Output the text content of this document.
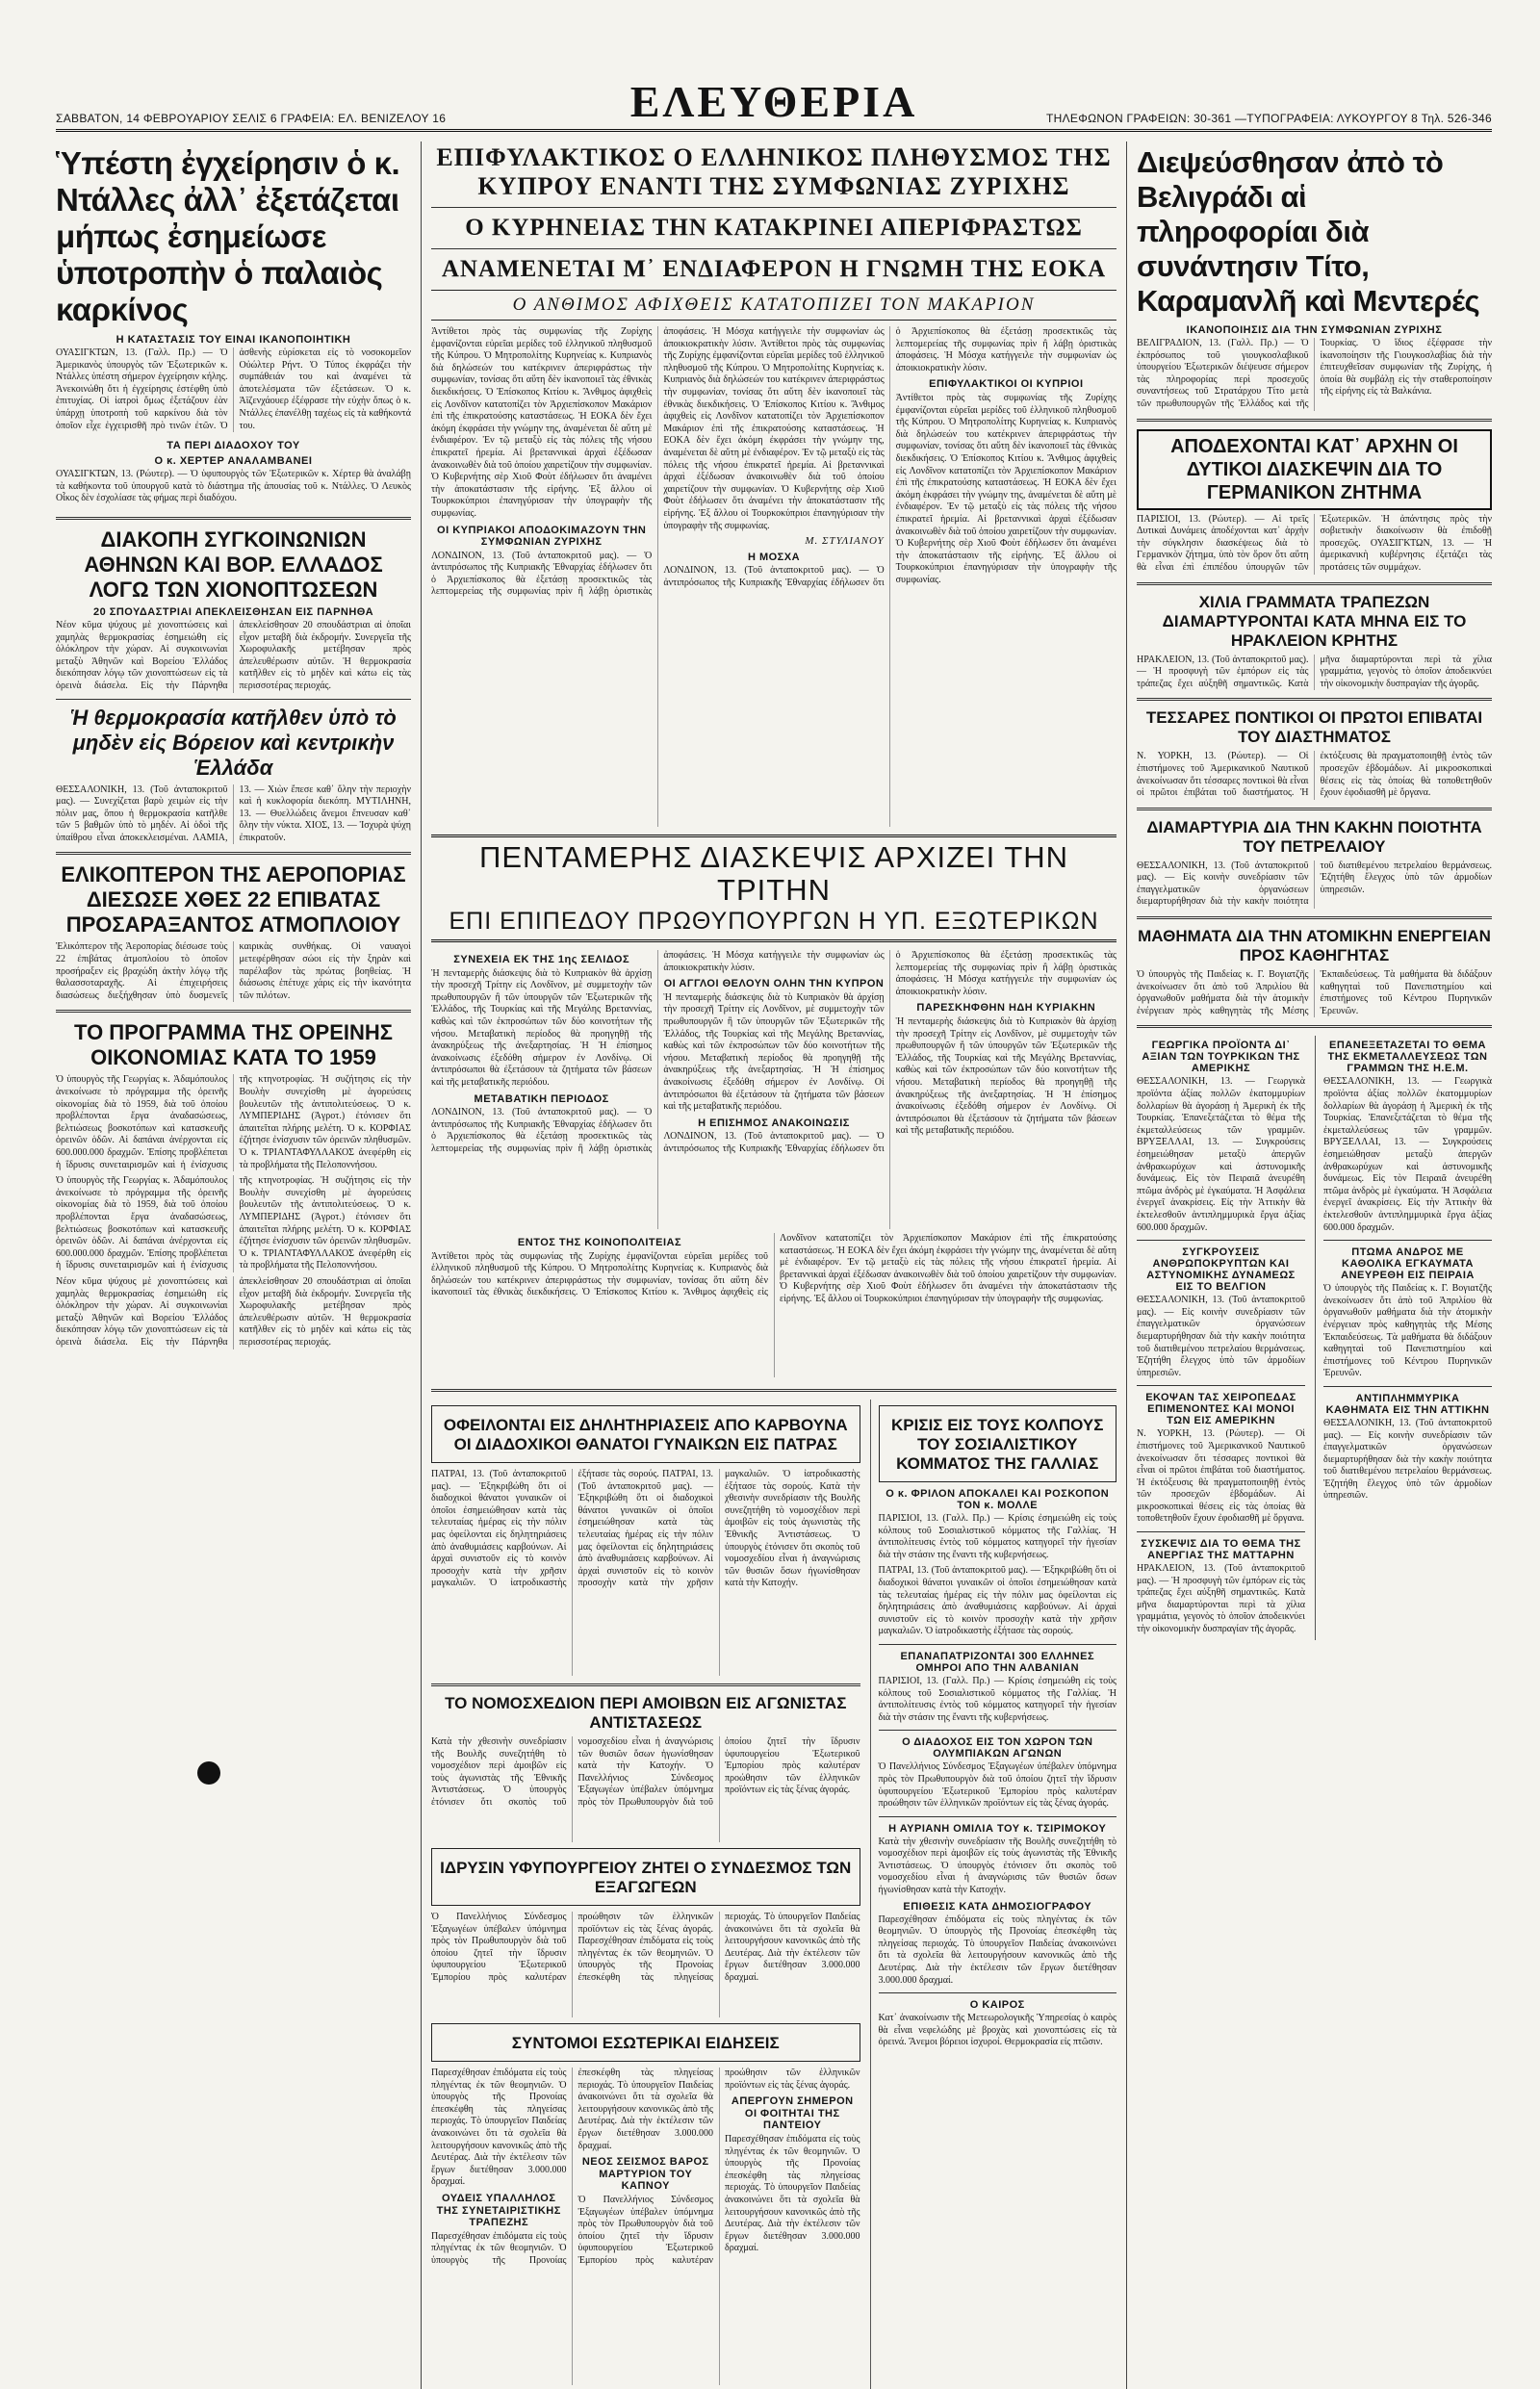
ΣΑΒΒΑΤΟΝ, 14 ΦΕΒΡΟΥΑΡΙΟΥ ΣΕΛΙΣ 6 ΓΡΑΦΕΙΑ: ΕΛ. ΒΕΝΙΖΕΛΟΥ 16	ΕΛΕΥΘΕΡΙΑ	ΤΗΛΕΦΩΝΟΝ ΓΡΑΦΕΙΩΝ: 30-361 —ΤΥΠΟΓΡΑΦΕΙΑ: ΛΥΚΟΥΡΓΟΥ 8 Τηλ. 526-346
Ὑπέστη ἐγχείρησιν ὁ κ. Ντάλλες ἀλλ᾿ ἐξετάζεται μήπως ἐσημείωσε ὑποτροπὴν ὁ παλαιὸς καρκίνος
Η ΚΑΤΑΣΤΑΣΙΣ ΤΟΥ ΕΙΝΑΙ ΙΚΑΝΟΠΟΙΗΤΙΚΗ
ΟΥΑΣΙΓΚΤΩΝ, 13. (Γαλλ. Πρ.) — Ὁ Ἀμερικανὸς ὑπουργὸς τῶν Ἐξωτερικῶν κ. Ντάλλες ὑπέστη σήμερον ἐγχείρησιν κήλης. Ἀνεκοινώθη ὅτι ἡ ἐγχείρησις ἐστέφθη ὑπὸ ἐπιτυχίας. Οἱ ἰατροὶ ὅμως ἐξετάζουν ἐὰν ὑπάρχῃ ὑποτροπὴ τοῦ καρκίνου διὰ τὸν ὁποῖον εἶχε ἐγχειρισθῆ πρὸ τινῶν ἐτῶν. Ὁ ἀσθενὴς εὑρίσκεται εἰς τὸ νοσοκομεῖον Οὐώλτερ Ρήντ. Ὁ Τύπος ἐκφράζει τὴν συμπάθειάν του καὶ ἀναμένει τὰ ἀποτελέσματα τῶν ἐξετάσεων. Ὁ κ. Ἀϊζενχάουερ ἐξέφρασε τὴν εὐχὴν ὅπως ὁ κ. Ντάλλες ἐπανέλθῃ ταχέως εἰς τὰ καθήκοντά του.
ΤΑ ΠΕΡΙ ΔΙΑΔΟΧΟΥ ΤΟΥ
Ο κ. ΧΕΡΤΕΡ ΑΝΑΛΑΜΒΑΝΕΙ
ΟΥΑΣΙΓΚΤΩΝ, 13. (Ρώυτερ). — Ὁ ὑφυπουργὸς τῶν Ἐξωτερικῶν κ. Χέρτερ θὰ ἀναλάβῃ τὰ καθήκοντα τοῦ ὑπουργοῦ κατὰ τὸ διάστημα τῆς ἀπουσίας τοῦ κ. Ντάλλες. Ὁ Λευκὸς Οἶκος δὲν ἐσχολίασε τὰς φήμας περὶ διαδόχου.
ΔΙΑΚΟΠΗ ΣΥΓΚΟΙΝΩΝΙΩΝ ΑΘΗΝΩΝ ΚΑΙ ΒΟΡ. ΕΛΛΑΔΟΣ ΛΟΓΩ ΤΩΝ ΧΙΟΝΟΠΤΩΣΕΩΝ
20 ΣΠΟΥΔΑΣΤΡΙΑΙ ΑΠΕΚΛΕΙΣΘΗΣΑΝ ΕΙΣ ΠΑΡΝΗΘΑ
Νέον κῦμα ψύχους μὲ χιονοπτώσεις καὶ χαμηλὰς θερμοκρασίας ἐσημειώθη εἰς ὁλόκληρον τὴν χώραν. Αἱ συγκοινωνίαι μεταξὺ Ἀθηνῶν καὶ Βορείου Ἑλλάδος διεκόπησαν λόγῳ τῶν χιονοπτώσεων εἰς τὰ ὀρεινὰ διάσελα. Εἰς τὴν Πάρνηθα ἀπεκλείσθησαν 20 σπουδάστριαι αἱ ὁποῖαι εἶχον μεταβῆ διὰ ἐκδρομήν. Συνεργεῖα τῆς Χωροφυλακῆς μετέβησαν πρὸς ἀπελευθέρωσιν αὐτῶν. Ἡ θερμοκρασία κατῆλθεν εἰς τὸ μηδὲν καὶ κάτω εἰς τὰς περισσοτέρας περιοχάς.
Ἡ θερμοκρασία κατῆλθεν ὑπὸ τὸ μηδὲν εἰς Βόρειον καὶ κεντρικὴν Ἑλλάδα
ΘΕΣΣΑΛΟΝΙΚΗ, 13. (Τοῦ ἀνταποκριτοῦ μας). — Συνεχίζεται βαρὺ χειμὼν εἰς τὴν πόλιν μας, ὅπου ἡ θερμοκρασία κατῆλθε τῶν 5 βαθμῶν ὑπὸ τὸ μηδέν. Αἱ ὁδοὶ τῆς ὑπαίθρου εἶναι ἀποκεκλεισμέναι. ΛΑΜΙΑ, 13. — Χιὼν ἔπεσε καθ᾿ ὅλην τὴν περιοχὴν καὶ ἡ κυκλοφορία διεκόπη. ΜΥΤΙΛΗΝΗ, 13. — Θυελλώδεις ἄνεμοι ἔπνευσαν καθ᾿ ὅλην τὴν νύκτα. ΧΙΟΣ, 13. — Ἰσχυρὰ ψύχη ἐπικρατοῦν.
ΕΛΙΚΟΠΤΕΡΟΝ ΤΗΣ ΑΕΡΟΠΟΡΙΑΣ ΔΙΕΣΩΣΕ ΧΘΕΣ 22 ΕΠΙΒΑΤΑΣ ΠΡΟΣΑΡΑΞΑΝΤΟΣ ΑΤΜΟΠΛΟΙΟΥ
Ἑλικόπτερον τῆς Ἀεροπορίας διέσωσε τοὺς 22 ἐπιβάτας ἀτμοπλοίου τὸ ὁποῖον προσήραξεν εἰς βραχώδη ἀκτὴν λόγῳ τῆς θαλασσοταραχῆς. Αἱ ἐπιχειρήσεις διασώσεως διεξήχθησαν ὑπὸ δυσμενεῖς καιρικὰς συνθήκας. Οἱ ναυαγοὶ μετεφέρθησαν σώοι εἰς τὴν ξηρὰν καὶ παρέλαβον τὰς πρώτας βοηθείας. Ἡ διάσωσις ἐπέτυχε χάρις εἰς τὴν ἱκανότητα τῶν πιλότων.
ΤΟ ΠΡΟΓΡΑΜΜΑ ΤΗΣ ΟΡΕΙΝΗΣ ΟΙΚΟΝΟΜΙΑΣ ΚΑΤΑ ΤΟ 1959
Ὁ ὑπουργὸς τῆς Γεωργίας κ. Ἀδαμόπουλος ἀνεκοίνωσε τὸ πρόγραμμα τῆς ὀρεινῆς οἰκονομίας διὰ τὸ 1959, διὰ τοῦ ὁποίου προβλέπονται ἔργα ἀναδασώσεως, βελτιώσεως βοσκοτόπων καὶ κατασκευῆς ὀρεινῶν ὁδῶν. Αἱ δαπάναι ἀνέρχονται εἰς 600.000.000 δραχμῶν. Ἐπίσης προβλέπεται ἡ ἵδρυσις συνεταιρισμῶν καὶ ἡ ἐνίσχυσις τῆς κτηνοτροφίας. Ἡ συζήτησις εἰς τὴν Βουλὴν συνεχίσθη μὲ ἀγορεύσεις βουλευτῶν τῆς ἀντιπολιτεύσεως. Ὁ κ. ΛΥΜΠΕΡΙΔΗΣ (Ἀγροτ.) ἐτόνισεν ὅτι ἀπαιτεῖται πλήρης μελέτη. Ὁ κ. ΚΟΡΦΙΑΣ ἐζήτησε ἐνίσχυσιν τῶν ὀρεινῶν πληθυσμῶν. Ὁ κ. ΤΡΙΑΝΤΑΦΥΛΛΑΚΟΣ ἀνεφέρθη εἰς τὰ προβλήματα τῆς Πελοποννήσου.
Ὁ ὑπουργὸς τῆς Γεωργίας κ. Ἀδαμόπουλος ἀνεκοίνωσε τὸ πρόγραμμα τῆς ὀρεινῆς οἰκονομίας διὰ τὸ 1959, διὰ τοῦ ὁποίου προβλέπονται ἔργα ἀναδασώσεως, βελτιώσεως βοσκοτόπων καὶ κατασκευῆς ὀρεινῶν ὁδῶν. Αἱ δαπάναι ἀνέρχονται εἰς 600.000.000 δραχμῶν. Ἐπίσης προβλέπεται ἡ ἵδρυσις συνεταιρισμῶν καὶ ἡ ἐνίσχυσις τῆς κτηνοτροφίας. Ἡ συζήτησις εἰς τὴν Βουλὴν συνεχίσθη μὲ ἀγορεύσεις βουλευτῶν τῆς ἀντιπολιτεύσεως. Ὁ κ. ΛΥΜΠΕΡΙΔΗΣ (Ἀγροτ.) ἐτόνισεν ὅτι ἀπαιτεῖται πλήρης μελέτη. Ὁ κ. ΚΟΡΦΙΑΣ ἐζήτησε ἐνίσχυσιν τῶν ὀρεινῶν πληθυσμῶν. Ὁ κ. ΤΡΙΑΝΤΑΦΥΛΛΑΚΟΣ ἀνεφέρθη εἰς τὰ προβλήματα τῆς Πελοποννήσου.
Νέον κῦμα ψύχους μὲ χιονοπτώσεις καὶ χαμηλὰς θερμοκρασίας ἐσημειώθη εἰς ὁλόκληρον τὴν χώραν. Αἱ συγκοινωνίαι μεταξὺ Ἀθηνῶν καὶ Βορείου Ἑλλάδος διεκόπησαν λόγῳ τῶν χιονοπτώσεων εἰς τὰ ὀρεινὰ διάσελα. Εἰς τὴν Πάρνηθα ἀπεκλείσθησαν 20 σπουδάστριαι αἱ ὁποῖαι εἶχον μεταβῆ διὰ ἐκδρομήν. Συνεργεῖα τῆς Χωροφυλακῆς μετέβησαν πρὸς ἀπελευθέρωσιν αὐτῶν. Ἡ θερμοκρασία κατῆλθεν εἰς τὸ μηδὲν καὶ κάτω εἰς τὰς περισσοτέρας περιοχάς.
ΕΠΙΦΥΛΑΚΤΙΚΟΣ Ο ΕΛΛΗΝΙΚΟΣ ΠΛΗΘΥΣΜΟΣ ΤΗΣ ΚΥΠΡΟΥ ΕΝΑΝΤΙ ΤΗΣ ΣΥΜΦΩΝΙΑΣ ΖΥΡΙΧΗΣ
Ο ΚΥΡΗΝΕΙΑΣ ΤΗΝ ΚΑΤΑΚΡΙΝΕΙ ΑΠΕΡΙΦΡΑΣΤΩΣ
ΑΝΑΜΕΝΕΤΑΙ Μ᾿ ΕΝΔΙΑΦΕΡΟΝ Η ΓΝΩΜΗ ΤΗΣ ΕΟΚΑ
Ο ΑΝΘΙΜΟΣ ΑΦΙΧΘΕΙΣ ΚΑΤΑΤΟΠΙΖΕΙ ΤΟΝ ΜΑΚΑΡΙΟΝ
Ἀντίθετοι πρὸς τὰς συμφωνίας τῆς Ζυρίχης ἐμφανίζονται εὐρεῖαι μερίδες τοῦ ἑλληνικοῦ πληθυσμοῦ τῆς Κύπρου. Ὁ Μητροπολίτης Κυρηνείας κ. Κυπριανὸς διὰ δηλώσεών του κατέκρινεν ἀπεριφράστως τὴν συμφωνίαν, τονίσας ὅτι αὕτη δὲν ἱκανοποιεῖ τὰς ἐθνικὰς διεκδικήσεις. Ὁ Ἐπίσκοπος Κιτίου κ. Ἄνθιμος ἀφιχθεὶς εἰς Λονδῖνον κατατοπίζει τὸν Ἀρχιεπίσκοπον Μακάριον ἐπὶ τῆς ἐπικρατούσης καταστάσεως. Ἡ ΕΟΚΑ δὲν ἔχει ἀκόμη ἐκφράσει τὴν γνώμην της, ἀναμένεται δὲ αὕτη μὲ ἐνδιαφέρον. Ἐν τῷ μεταξὺ εἰς τὰς πόλεις τῆς νήσου ἐπικρατεῖ ἡρεμία. Αἱ βρεταννικαὶ ἀρχαὶ ἐξέδωσαν ἀνακοινωθὲν διὰ τοῦ ὁποίου χαιρετίζουν τὴν συμφωνίαν. Ὁ Κυβερνήτης σὲρ Χιοῦ Φοὺτ ἐδήλωσεν ὅτι ἀναμένει τὴν ἀποκατάστασιν τῆς εἰρήνης. Ἐξ ἄλλου οἱ Τουρκοκύπριοι ἐπανηγύρισαν τὴν ὑπογραφὴν τῆς συμφωνίας.
ΟΙ ΚΥΠΡΙΑΚΟΙ ΑΠΟΔΟΚΙΜΑΖΟΥΝ ΤΗΝ ΣΥΜΦΩΝΙΑΝ ΖΥΡΙΧΗΣ
ΛΟΝΔΙΝΟΝ, 13. (Τοῦ ἀνταποκριτοῦ μας). — Ὁ ἀντιπρόσωπος τῆς Κυπριακῆς Ἐθναρχίας ἐδήλωσεν ὅτι ὁ Ἀρχιεπίσκοπος θὰ ἐξετάσῃ προσεκτικῶς τὰς λεπτομερείας τῆς συμφωνίας πρὶν ἢ λάβῃ ὁριστικὰς ἀποφάσεις. Ἡ Μόσχα κατήγγειλε τὴν συμφωνίαν ὡς ἀποικιοκρατικὴν λύσιν. Ἀντίθετοι πρὸς τὰς συμφωνίας τῆς Ζυρίχης ἐμφανίζονται εὐρεῖαι μερίδες τοῦ ἑλληνικοῦ πληθυσμοῦ τῆς Κύπρου. Ὁ Μητροπολίτης Κυρηνείας κ. Κυπριανὸς διὰ δηλώσεών του κατέκρινεν ἀπεριφράστως τὴν συμφωνίαν, τονίσας ὅτι αὕτη δὲν ἱκανοποιεῖ τὰς ἐθνικὰς διεκδικήσεις. Ὁ Ἐπίσκοπος Κιτίου κ. Ἄνθιμος ἀφιχθεὶς εἰς Λονδῖνον κατατοπίζει τὸν Ἀρχιεπίσκοπον Μακάριον ἐπὶ τῆς ἐπικρατούσης καταστάσεως. Ἡ ΕΟΚΑ δὲν ἔχει ἀκόμη ἐκφράσει τὴν γνώμην της, ἀναμένεται δὲ αὕτη μὲ ἐνδιαφέρον. Ἐν τῷ μεταξὺ εἰς τὰς πόλεις τῆς νήσου ἐπικρατεῖ ἡρεμία. Αἱ βρεταννικαὶ ἀρχαὶ ἐξέδωσαν ἀνακοινωθὲν διὰ τοῦ ὁποίου χαιρετίζουν τὴν συμφωνίαν. Ὁ Κυβερνήτης σὲρ Χιοῦ Φοὺτ ἐδήλωσεν ὅτι ἀναμένει τὴν ἀποκατάστασιν τῆς εἰρήνης. Ἐξ ἄλλου οἱ Τουρκοκύπριοι ἐπανηγύρισαν τὴν ὑπογραφὴν τῆς συμφωνίας.
Μ. ΣΤΥΛΙΑΝΟΥ
Η ΜΟΣΧΑ
ΛΟΝΔΙΝΟΝ, 13. (Τοῦ ἀνταποκριτοῦ μας). — Ὁ ἀντιπρόσωπος τῆς Κυπριακῆς Ἐθναρχίας ἐδήλωσεν ὅτι ὁ Ἀρχιεπίσκοπος θὰ ἐξετάσῃ προσεκτικῶς τὰς λεπτομερείας τῆς συμφωνίας πρὶν ἢ λάβῃ ὁριστικὰς ἀποφάσεις. Ἡ Μόσχα κατήγγειλε τὴν συμφωνίαν ὡς ἀποικιοκρατικὴν λύσιν.
ΕΠΙΦΥΛΑΚΤΙΚΟΙ ΟΙ ΚΥΠΡΙΟΙ
Ἀντίθετοι πρὸς τὰς συμφωνίας τῆς Ζυρίχης ἐμφανίζονται εὐρεῖαι μερίδες τοῦ ἑλληνικοῦ πληθυσμοῦ τῆς Κύπρου. Ὁ Μητροπολίτης Κυρηνείας κ. Κυπριανὸς διὰ δηλώσεών του κατέκρινεν ἀπεριφράστως τὴν συμφωνίαν, τονίσας ὅτι αὕτη δὲν ἱκανοποιεῖ τὰς ἐθνικὰς διεκδικήσεις. Ὁ Ἐπίσκοπος Κιτίου κ. Ἄνθιμος ἀφιχθεὶς εἰς Λονδῖνον κατατοπίζει τὸν Ἀρχιεπίσκοπον Μακάριον ἐπὶ τῆς ἐπικρατούσης καταστάσεως. Ἡ ΕΟΚΑ δὲν ἔχει ἀκόμη ἐκφράσει τὴν γνώμην της, ἀναμένεται δὲ αὕτη μὲ ἐνδιαφέρον. Ἐν τῷ μεταξὺ εἰς τὰς πόλεις τῆς νήσου ἐπικρατεῖ ἡρεμία. Αἱ βρεταννικαὶ ἀρχαὶ ἐξέδωσαν ἀνακοινωθὲν διὰ τοῦ ὁποίου χαιρετίζουν τὴν συμφωνίαν. Ὁ Κυβερνήτης σὲρ Χιοῦ Φοὺτ ἐδήλωσεν ὅτι ἀναμένει τὴν ἀποκατάστασιν τῆς εἰρήνης. Ἐξ ἄλλου οἱ Τουρκοκύπριοι ἐπανηγύρισαν τὴν ὑπογραφὴν τῆς συμφωνίας.
ΠΕΝΤΑΜΕΡΗΣ ΔΙΑΣΚΕΨΙΣ ΑΡΧΙΖΕΙ ΤΗΝ ΤΡΙΤΗΝ
ΕΠΙ ΕΠΙΠΕΔΟΥ ΠΡΩΘΥΠΟΥΡΓΩΝ Η ΥΠ. ΕΞΩΤΕΡΙΚΩΝ
ΣΥΝΕΧΕΙΑ ΕΚ ΤΗΣ 1ης ΣΕΛΙΔΟΣ
Ἡ πενταμερὴς διάσκεψις διὰ τὸ Κυπριακὸν θὰ ἀρχίσῃ τὴν προσεχῆ Τρίτην εἰς Λονδῖνον, μὲ συμμετοχὴν τῶν πρωθυπουργῶν ἢ τῶν ὑπουργῶν τῶν Ἐξωτερικῶν τῆς Ἑλλάδος, τῆς Τουρκίας καὶ τῆς Μεγάλης Βρεταννίας, καθὼς καὶ τῶν ἐκπροσώπων τῶν δύο κοινοτήτων τῆς νήσου. Μεταβατικὴ περίοδος θὰ προηγηθῇ τῆς ἀνακηρύξεως τῆς ἀνεξαρτησίας. Ἡ Ἡ ἐπίσημος ἀνακοίνωσις ἐξεδόθη σήμερον ἐν Λονδίνῳ. Οἱ ἀντιπρόσωποι θὰ ἐξετάσουν τὰ ζητήματα τῶν βάσεων καὶ τῆς μεταβατικῆς περιόδου.
ΜΕΤΑΒΑΤΙΚΗ ΠΕΡΙΟΔΟΣ
ΛΟΝΔΙΝΟΝ, 13. (Τοῦ ἀνταποκριτοῦ μας). — Ὁ ἀντιπρόσωπος τῆς Κυπριακῆς Ἐθναρχίας ἐδήλωσεν ὅτι ὁ Ἀρχιεπίσκοπος θὰ ἐξετάσῃ προσεκτικῶς τὰς λεπτομερείας τῆς συμφωνίας πρὶν ἢ λάβῃ ὁριστικὰς ἀποφάσεις. Ἡ Μόσχα κατήγγειλε τὴν συμφωνίαν ὡς ἀποικιοκρατικὴν λύσιν.
ΟΙ ΑΓΓΛΟΙ ΘΕΛΟΥΝ ΟΛΗΝ ΤΗΝ ΚΥΠΡΟΝ
Ἡ πενταμερὴς διάσκεψις διὰ τὸ Κυπριακὸν θὰ ἀρχίσῃ τὴν προσεχῆ Τρίτην εἰς Λονδῖνον, μὲ συμμετοχὴν τῶν πρωθυπουργῶν ἢ τῶν ὑπουργῶν τῶν Ἐξωτερικῶν τῆς Ἑλλάδος, τῆς Τουρκίας καὶ τῆς Μεγάλης Βρεταννίας, καθὼς καὶ τῶν ἐκπροσώπων τῶν δύο κοινοτήτων τῆς νήσου. Μεταβατικὴ περίοδος θὰ προηγηθῇ τῆς ἀνακηρύξεως τῆς ἀνεξαρτησίας. Ἡ Ἡ ἐπίσημος ἀνακοίνωσις ἐξεδόθη σήμερον ἐν Λονδίνῳ. Οἱ ἀντιπρόσωποι θὰ ἐξετάσουν τὰ ζητήματα τῶν βάσεων καὶ τῆς μεταβατικῆς περιόδου.
Η ΕΠΙΣΗΜΟΣ ΑΝΑΚΟΙΝΩΣΙΣ
ΛΟΝΔΙΝΟΝ, 13. (Τοῦ ἀνταποκριτοῦ μας). — Ὁ ἀντιπρόσωπος τῆς Κυπριακῆς Ἐθναρχίας ἐδήλωσεν ὅτι ὁ Ἀρχιεπίσκοπος θὰ ἐξετάσῃ προσεκτικῶς τὰς λεπτομερείας τῆς συμφωνίας πρὶν ἢ λάβῃ ὁριστικὰς ἀποφάσεις. Ἡ Μόσχα κατήγγειλε τὴν συμφωνίαν ὡς ἀποικιοκρατικὴν λύσιν.
ΠΑΡΕΣΚΗΦΘΗΝ ΗΔΗ ΚΥΡΙΑΚΗΝ
Ἡ πενταμερὴς διάσκεψις διὰ τὸ Κυπριακὸν θὰ ἀρχίσῃ τὴν προσεχῆ Τρίτην εἰς Λονδῖνον, μὲ συμμετοχὴν τῶν πρωθυπουργῶν ἢ τῶν ὑπουργῶν τῶν Ἐξωτερικῶν τῆς Ἑλλάδος, τῆς Τουρκίας καὶ τῆς Μεγάλης Βρεταννίας, καθὼς καὶ τῶν ἐκπροσώπων τῶν δύο κοινοτήτων τῆς νήσου. Μεταβατικὴ περίοδος θὰ προηγηθῇ τῆς ἀνακηρύξεως τῆς ἀνεξαρτησίας. Ἡ Ἡ ἐπίσημος ἀνακοίνωσις ἐξεδόθη σήμερον ἐν Λονδίνῳ. Οἱ ἀντιπρόσωποι θὰ ἐξετάσουν τὰ ζητήματα τῶν βάσεων καὶ τῆς μεταβατικῆς περιόδου.
ΕΝΤΟΣ ΤΗΣ ΚΟΙΝΟΠΟΛΙΤΕΙΑΣ
Ἀντίθετοι πρὸς τὰς συμφωνίας τῆς Ζυρίχης ἐμφανίζονται εὐρεῖαι μερίδες τοῦ ἑλληνικοῦ πληθυσμοῦ τῆς Κύπρου. Ὁ Μητροπολίτης Κυρηνείας κ. Κυπριανὸς διὰ δηλώσεών του κατέκρινεν ἀπεριφράστως τὴν συμφωνίαν, τονίσας ὅτι αὕτη δὲν ἱκανοποιεῖ τὰς ἐθνικὰς διεκδικήσεις. Ὁ Ἐπίσκοπος Κιτίου κ. Ἄνθιμος ἀφιχθεὶς εἰς Λονδῖνον κατατοπίζει τὸν Ἀρχιεπίσκοπον Μακάριον ἐπὶ τῆς ἐπικρατούσης καταστάσεως. Ἡ ΕΟΚΑ δὲν ἔχει ἀκόμη ἐκφράσει τὴν γνώμην της, ἀναμένεται δὲ αὕτη μὲ ἐνδιαφέρον. Ἐν τῷ μεταξὺ εἰς τὰς πόλεις τῆς νήσου ἐπικρατεῖ ἡρεμία. Αἱ βρεταννικαὶ ἀρχαὶ ἐξέδωσαν ἀνακοινωθὲν διὰ τοῦ ὁποίου χαιρετίζουν τὴν συμφωνίαν. Ὁ Κυβερνήτης σὲρ Χιοῦ Φοὺτ ἐδήλωσεν ὅτι ἀναμένει τὴν ἀποκατάστασιν τῆς εἰρήνης. Ἐξ ἄλλου οἱ Τουρκοκύπριοι ἐπανηγύρισαν τὴν ὑπογραφὴν τῆς συμφωνίας.
ΟΦΕΙΛΟΝΤΑΙ ΕΙΣ ΔΗΛΗΤΗΡΙΑΣΕΙΣ ΑΠΟ ΚΑΡΒΟΥΝΑ ΟΙ ΔΙΑΔΟΧΙΚΟΙ ΘΑΝΑΤΟΙ ΓΥΝΑΙΚΩΝ ΕΙΣ ΠΑΤΡΑΣ
ΠΑΤΡΑΙ, 13. (Τοῦ ἀνταποκριτοῦ μας). — Ἐξηκριβώθη ὅτι οἱ διαδοχικοὶ θάνατοι γυναικῶν οἱ ὁποῖοι ἐσημειώθησαν κατὰ τὰς τελευταίας ἡμέρας εἰς τὴν πόλιν μας ὀφείλονται εἰς δηλητηριάσεις ἀπὸ ἀναθυμιάσεις καρβούνων. Αἱ ἀρχαὶ συνιστοῦν εἰς τὸ κοινὸν προσοχὴν κατὰ τὴν χρῆσιν μαγκαλιῶν. Ὁ ἰατροδικαστὴς ἐξήτασε τὰς σορούς. ΠΑΤΡΑΙ, 13. (Τοῦ ἀνταποκριτοῦ μας). — Ἐξηκριβώθη ὅτι οἱ διαδοχικοὶ θάνατοι γυναικῶν οἱ ὁποῖοι ἐσημειώθησαν κατὰ τὰς τελευταίας ἡμέρας εἰς τὴν πόλιν μας ὀφείλονται εἰς δηλητηριάσεις ἀπὸ ἀναθυμιάσεις καρβούνων. Αἱ ἀρχαὶ συνιστοῦν εἰς τὸ κοινὸν προσοχὴν κατὰ τὴν χρῆσιν μαγκαλιῶν. Ὁ ἰατροδικαστὴς ἐξήτασε τὰς σορούς. Κατὰ τὴν χθεσινὴν συνεδρίασιν τῆς Βουλῆς συνεζητήθη τὸ νομοσχέδιον περὶ ἀμοιβῶν εἰς τοὺς ἀγωνιστὰς τῆς Ἐθνικῆς Ἀντιστάσεως. Ὁ ὑπουργὸς ἐτόνισεν ὅτι σκοπὸς τοῦ νομοσχεδίου εἶναι ἡ ἀναγνώρισις τῶν θυσιῶν ὅσων ἠγωνίσθησαν κατὰ τὴν Κατοχήν.
ΤΟ ΝΟΜΟΣΧΕΔΙΟΝ ΠΕΡΙ ΑΜΟΙΒΩΝ ΕΙΣ ΑΓΩΝΙΣΤΑΣ ΑΝΤΙΣΤΑΣΕΩΣ
Κατὰ τὴν χθεσινὴν συνεδρίασιν τῆς Βουλῆς συνεζητήθη τὸ νομοσχέδιον περὶ ἀμοιβῶν εἰς τοὺς ἀγωνιστὰς τῆς Ἐθνικῆς Ἀντιστάσεως. Ὁ ὑπουργὸς ἐτόνισεν ὅτι σκοπὸς τοῦ νομοσχεδίου εἶναι ἡ ἀναγνώρισις τῶν θυσιῶν ὅσων ἠγωνίσθησαν κατὰ τὴν Κατοχήν. Ὁ Πανελλήνιος Σύνδεσμος Ἐξαγωγέων ὑπέβαλεν ὑπόμνημα πρὸς τὸν Πρωθυπουργὸν διὰ τοῦ ὁποίου ζητεῖ τὴν ἵδρυσιν ὑφυπουργείου Ἐξωτερικοῦ Ἐμπορίου πρὸς καλυτέραν προώθησιν τῶν ἑλληνικῶν προϊόντων εἰς τὰς ξένας ἀγοράς.
ΙΔΡΥΣΙΝ ΥΦΥΠΟΥΡΓΕΙΟΥ ΖΗΤΕΙ Ο ΣΥΝΔΕΣΜΟΣ ΤΩΝ ΕΞΑΓΩΓΕΩΝ
Ὁ Πανελλήνιος Σύνδεσμος Ἐξαγωγέων ὑπέβαλεν ὑπόμνημα πρὸς τὸν Πρωθυπουργὸν διὰ τοῦ ὁποίου ζητεῖ τὴν ἵδρυσιν ὑφυπουργείου Ἐξωτερικοῦ Ἐμπορίου πρὸς καλυτέραν προώθησιν τῶν ἑλληνικῶν προϊόντων εἰς τὰς ξένας ἀγοράς. Παρεσχέθησαν ἐπιδόματα εἰς τοὺς πληγέντας ἐκ τῶν θεομηνιῶν. Ὁ ὑπουργὸς τῆς Προνοίας ἐπεσκέφθη τὰς πληγείσας περιοχάς. Τὸ ὑπουργεῖον Παιδείας ἀνακοινώνει ὅτι τὰ σχολεῖα θὰ λειτουργήσουν κανονικῶς ἀπὸ τῆς Δευτέρας. Διὰ τὴν ἐκτέλεσιν τῶν ἔργων διετέθησαν 3.000.000 δραχμαί.
ΣΥΝΤΟΜΟΙ ΕΣΩΤΕΡΙΚΑΙ ΕΙΔΗΣΕΙΣ
Παρεσχέθησαν ἐπιδόματα εἰς τοὺς πληγέντας ἐκ τῶν θεομηνιῶν. Ὁ ὑπουργὸς τῆς Προνοίας ἐπεσκέφθη τὰς πληγείσας περιοχάς. Τὸ ὑπουργεῖον Παιδείας ἀνακοινώνει ὅτι τὰ σχολεῖα θὰ λειτουργήσουν κανονικῶς ἀπὸ τῆς Δευτέρας. Διὰ τὴν ἐκτέλεσιν τῶν ἔργων διετέθησαν 3.000.000 δραχμαί.
ΟΥΔΕΙΣ ΥΠΑΛΛΗΛΟΣ ΤΗΣ ΣΥΝΕΤΑΙΡΙΣΤΙΚΗΣ ΤΡΑΠΕΖΗΣ
Παρεσχέθησαν ἐπιδόματα εἰς τοὺς πληγέντας ἐκ τῶν θεομηνιῶν. Ὁ ὑπουργὸς τῆς Προνοίας ἐπεσκέφθη τὰς πληγείσας περιοχάς. Τὸ ὑπουργεῖον Παιδείας ἀνακοινώνει ὅτι τὰ σχολεῖα θὰ λειτουργήσουν κανονικῶς ἀπὸ τῆς Δευτέρας. Διὰ τὴν ἐκτέλεσιν τῶν ἔργων διετέθησαν 3.000.000 δραχμαί.
ΝΕΟΣ ΣΕΙΣΜΟΣ ΒΑΡΟΣ ΜΑΡΤΥΡΙΟΝ ΤΟΥ ΚΑΠΝΟΥ
Ὁ Πανελλήνιος Σύνδεσμος Ἐξαγωγέων ὑπέβαλεν ὑπόμνημα πρὸς τὸν Πρωθυπουργὸν διὰ τοῦ ὁποίου ζητεῖ τὴν ἵδρυσιν ὑφυπουργείου Ἐξωτερικοῦ Ἐμπορίου πρὸς καλυτέραν προώθησιν τῶν ἑλληνικῶν προϊόντων εἰς τὰς ξένας ἀγοράς.
ΑΠΕΡΓΟΥΝ ΣΗΜΕΡΟΝ ΟΙ ΦΟΙΤΗΤΑΙ ΤΗΣ ΠΑΝΤΕΙΟΥ
Παρεσχέθησαν ἐπιδόματα εἰς τοὺς πληγέντας ἐκ τῶν θεομηνιῶν. Ὁ ὑπουργὸς τῆς Προνοίας ἐπεσκέφθη τὰς πληγείσας περιοχάς. Τὸ ὑπουργεῖον Παιδείας ἀνακοινώνει ὅτι τὰ σχολεῖα θὰ λειτουργήσουν κανονικῶς ἀπὸ τῆς Δευτέρας. Διὰ τὴν ἐκτέλεσιν τῶν ἔργων διετέθησαν 3.000.000 δραχμαί.
ΚΡΙΣΙΣ ΕΙΣ ΤΟΥΣ ΚΟΛΠΟΥΣ ΤΟΥ ΣΟΣΙΑΛΙΣΤΙΚΟΥ ΚΟΜΜΑΤΟΣ ΤΗΣ ΓΑΛΛΙΑΣ
Ο κ. ΦΡΙΛΟΝ ΑΠΟΚΑΛΕΙ ΚΑΙ ΡΟΣΚΟΠΟΝ ΤΟΝ κ. ΜΟΛΛΕ
ΠΑΡΙΣΙΟΙ, 13. (Γαλλ. Πρ.) — Κρίσις ἐσημειώθη εἰς τοὺς κόλπους τοῦ Σοσιαλιστικοῦ κόμματος τῆς Γαλλίας. Ἡ ἀντιπολίτευσις ἐντὸς τοῦ κόμματος κατηγορεῖ τὴν ἡγεσίαν διὰ τὴν στάσιν της ἔναντι τῆς κυβερνήσεως.
ΠΑΤΡΑΙ, 13. (Τοῦ ἀνταποκριτοῦ μας). — Ἐξηκριβώθη ὅτι οἱ διαδοχικοὶ θάνατοι γυναικῶν οἱ ὁποῖοι ἐσημειώθησαν κατὰ τὰς τελευταίας ἡμέρας εἰς τὴν πόλιν μας ὀφείλονται εἰς δηλητηριάσεις ἀπὸ ἀναθυμιάσεις καρβούνων. Αἱ ἀρχαὶ συνιστοῦν εἰς τὸ κοινὸν προσοχὴν κατὰ τὴν χρῆσιν μαγκαλιῶν. Ὁ ἰατροδικαστὴς ἐξήτασε τὰς σορούς.
ΕΠΑΝΑΠΑΤΡΙΖΟΝΤΑΙ 300 ΕΛΛΗΝΕΣ ΟΜΗΡΟΙ ΑΠΟ ΤΗΝ ΑΛΒΑΝΙΑΝ
ΠΑΡΙΣΙΟΙ, 13. (Γαλλ. Πρ.) — Κρίσις ἐσημειώθη εἰς τοὺς κόλπους τοῦ Σοσιαλιστικοῦ κόμματος τῆς Γαλλίας. Ἡ ἀντιπολίτευσις ἐντὸς τοῦ κόμματος κατηγορεῖ τὴν ἡγεσίαν διὰ τὴν στάσιν της ἔναντι τῆς κυβερνήσεως.
Ο ΔΙΑΔΟΧΟΣ ΕΙΣ ΤΟΝ ΧΩΡΟΝ ΤΩΝ ΟΛΥΜΠΙΑΚΩΝ ΑΓΩΝΩΝ
Ὁ Πανελλήνιος Σύνδεσμος Ἐξαγωγέων ὑπέβαλεν ὑπόμνημα πρὸς τὸν Πρωθυπουργὸν διὰ τοῦ ὁποίου ζητεῖ τὴν ἵδρυσιν ὑφυπουργείου Ἐξωτερικοῦ Ἐμπορίου πρὸς καλυτέραν προώθησιν τῶν ἑλληνικῶν προϊόντων εἰς τὰς ξένας ἀγοράς.
Η ΑΥΡΙΑΝΗ ΟΜΙΛΙΑ ΤΟΥ κ. ΤΣΙΡΙΜΟΚΟΥ
Κατὰ τὴν χθεσινὴν συνεδρίασιν τῆς Βουλῆς συνεζητήθη τὸ νομοσχέδιον περὶ ἀμοιβῶν εἰς τοὺς ἀγωνιστὰς τῆς Ἐθνικῆς Ἀντιστάσεως. Ὁ ὑπουργὸς ἐτόνισεν ὅτι σκοπὸς τοῦ νομοσχεδίου εἶναι ἡ ἀναγνώρισις τῶν θυσιῶν ὅσων ἠγωνίσθησαν κατὰ τὴν Κατοχήν.
ΕΠΙΘΕΣΙΣ ΚΑΤΑ ΔΗΜΟΣΙΟΓΡΑΦΟΥ
Παρεσχέθησαν ἐπιδόματα εἰς τοὺς πληγέντας ἐκ τῶν θεομηνιῶν. Ὁ ὑπουργὸς τῆς Προνοίας ἐπεσκέφθη τὰς πληγείσας περιοχάς. Τὸ ὑπουργεῖον Παιδείας ἀνακοινώνει ὅτι τὰ σχολεῖα θὰ λειτουργήσουν κανονικῶς ἀπὸ τῆς Δευτέρας. Διὰ τὴν ἐκτέλεσιν τῶν ἔργων διετέθησαν 3.000.000 δραχμαί.
Ο ΚΑΙΡΟΣ
Κατ᾿ ἀνακοίνωσιν τῆς Μετεωρολογικῆς Ὑπηρεσίας ὁ καιρὸς θὰ εἶναι νεφελώδης μὲ βροχὰς καὶ χιονοπτώσεις εἰς τὰ ὀρεινά. Ἄνεμοι βόρειοι ἰσχυροί. Θερμοκρασία εἰς πτῶσιν.
Διεψεύσθησαν ἀπὸ τὸ Βελιγράδι αἱ πληροφορίαι διὰ συνάντησιν Τίτο, Καραμανλῆ καὶ Μεντερές
ΙΚΑΝΟΠΟΙΗΣΙΣ ΔΙΑ ΤΗΝ ΣΥΜΦΩΝΙΑΝ ΖΥΡΙΧΗΣ
ΒΕΛΙΓΡΑΔΙΟΝ, 13. (Γαλλ. Πρ.) — Ὁ ἐκπρόσωπος τοῦ γιουγκοσλαβικοῦ ὑπουργείου Ἐξωτερικῶν διέψευσε σήμερον τὰς πληροφορίας περὶ προσεχοῦς συναντήσεως τοῦ Στρατάρχου Τίτο μετὰ τῶν πρωθυπουργῶν τῆς Ἑλλάδος καὶ τῆς Τουρκίας. Ὁ ἴδιος ἐξέφρασε τὴν ἱκανοποίησιν τῆς Γιουγκοσλαβίας διὰ τὴν ἐπιτευχθεῖσαν συμφωνίαν τῆς Ζυρίχης, ἡ ὁποία θὰ συμβάλῃ εἰς τὴν σταθεροποίησιν τῆς εἰρήνης εἰς τὰ Βαλκάνια.
ΑΠΟΔΕΧΟΝΤΑΙ ΚΑΤ᾿ ΑΡΧΗΝ ΟΙ ΔΥΤΙΚΟΙ ΔΙΑΣΚΕΨΙΝ ΔΙΑ ΤΟ ΓΕΡΜΑΝΙΚΟΝ ΖΗΤΗΜΑ
ΠΑΡΙΣΙΟΙ, 13. (Ρώυτερ). — Αἱ τρεῖς Δυτικαὶ Δυνάμεις ἀποδέχονται κατ᾿ ἀρχὴν τὴν σύγκλησιν διασκέψεως διὰ τὸ Γερμανικὸν ζήτημα, ὑπὸ τὸν ὅρον ὅτι αὕτη θὰ εἶναι ἐπὶ ἐπιπέδου ὑπουργῶν τῶν Ἐξωτερικῶν. Ἡ ἀπάντησις πρὸς τὴν σοβιετικὴν διακοίνωσιν θὰ ἐπιδοθῇ προσεχῶς. ΟΥΑΣΙΓΚΤΩΝ, 13. — Ἡ ἀμερικανικὴ κυβέρνησις ἐξετάζει τὰς προτάσεις τῶν συμμάχων.
ΧΙΛΙΑ ΓΡΑΜΜΑΤΑ ΤΡΑΠΕΖΩΝ ΔΙΑΜΑΡΤΥΡΟΝΤΑΙ ΚΑΤΑ ΜΗΝΑ ΕΙΣ ΤΟ ΗΡΑΚΛΕΙΟΝ ΚΡΗΤΗΣ
ΗΡΑΚΛΕΙΟΝ, 13. (Τοῦ ἀνταποκριτοῦ μας). — Ἡ προσφυγὴ τῶν ἐμπόρων εἰς τὰς τράπεζας ἔχει αὐξηθῆ σημαντικῶς. Κατὰ μῆνα διαμαρτύρονται περὶ τὰ χίλια γραμμάτια, γεγονὸς τὸ ὁποῖον ἀποδεικνύει τὴν οἰκονομικὴν δυσπραγίαν τῆς ἀγορᾶς.
ΤΕΣΣΑΡΕΣ ΠΟΝΤΙΚΟΙ ΟΙ ΠΡΩΤΟΙ ΕΠΙΒΑΤΑΙ ΤΟΥ ΔΙΑΣΤΗΜΑΤΟΣ
Ν. ΥΟΡΚΗ, 13. (Ρώυτερ). — Οἱ ἐπιστήμονες τοῦ Ἀμερικανικοῦ Ναυτικοῦ ἀνεκοίνωσαν ὅτι τέσσαρες ποντικοὶ θὰ εἶναι οἱ πρῶτοι ἐπιβάται τοῦ διαστήματος. Ἡ ἐκτόξευσις θὰ πραγματοποιηθῇ ἐντὸς τῶν προσεχῶν ἑβδομάδων. Αἱ μικροσκοπικαὶ θέσεις εἰς τὰς ὁποίας θὰ τοποθετηθοῦν ἔχουν ἐφοδιασθῆ μὲ ὄργανα.
ΔΙΑΜΑΡΤΥΡΙΑ ΔΙΑ ΤΗΝ ΚΑΚΗΝ ΠΟΙΟΤΗΤΑ ΤΟΥ ΠΕΤΡΕΛΑΙΟΥ
ΘΕΣΣΑΛΟΝΙΚΗ, 13. (Τοῦ ἀνταποκριτοῦ μας). — Εἰς κοινὴν συνεδρίασιν τῶν ἐπαγγελματικῶν ὀργανώσεων διεμαρτυρήθησαν διὰ τὴν κακὴν ποιότητα τοῦ διατιθεμένου πετρελαίου θερμάνσεως. Ἐζητήθη ἔλεγχος ὑπὸ τῶν ἁρμοδίων ὑπηρεσιῶν.
ΜΑΘΗΜΑΤΑ ΔΙΑ ΤΗΝ ΑΤΟΜΙΚΗΝ ΕΝΕΡΓΕΙΑΝ ΠΡΟΣ ΚΑΘΗΓΗΤΑΣ
Ὁ ὑπουργὸς τῆς Παιδείας κ. Γ. Βογιατζῆς ἀνεκοίνωσεν ὅτι ἀπὸ τοῦ Ἀπριλίου θὰ ὀργανωθοῦν μαθήματα διὰ τὴν ἀτομικὴν ἐνέργειαν πρὸς καθηγητὰς τῆς Μέσης Ἐκπαιδεύσεως. Τὰ μαθήματα θὰ διδάξουν καθηγηταὶ τοῦ Πανεπιστημίου καὶ ἐπιστήμονες τοῦ Κέντρου Πυρηνικῶν Ἐρευνῶν.
ΓΕΩΡΓΙΚΑ ΠΡΟΪΟΝΤΑ ΔΙ᾿ ΑΞΙΑΝ ΤΩΝ ΤΟΥΡΚΙΚΩΝ ΤΗΣ ΑΜΕΡΙΚΗΣ
ΘΕΣΣΑΛΟΝΙΚΗ, 13. — Γεωργικὰ προϊόντα ἀξίας πολλῶν ἑκατομμυρίων δολλαρίων θὰ ἀγοράσῃ ἡ Ἀμερικὴ ἐκ τῆς Τουρκίας. Ἐπανεξετάζεται τὸ θέμα τῆς ἐκμεταλλεύσεως τῶν γραμμῶν. ΒΡΥΞΕΛΛΑΙ, 13. — Συγκρούσεις ἐσημειώθησαν μεταξὺ ἀπεργῶν ἀνθρακωρύχων καὶ ἀστυνομικῆς δυνάμεως. Εἰς τὸν Πειραιᾶ ἀνευρέθη πτῶμα ἀνδρὸς μὲ ἐγκαύματα. Ἡ Ἀσφάλεια ἐνεργεῖ ἀνακρίσεις. Εἰς τὴν Ἀττικὴν θὰ ἐκτελεσθοῦν ἀντιπλημμυρικὰ ἔργα ἀξίας 600.000 δραχμῶν.
ΣΥΓΚΡΟΥΣΕΙΣ ΑΝΘΡΩΠΟΚΡΥΠΤΩΝ ΚΑΙ ΑΣΤΥΝΟΜΙΚΗΣ ΔΥΝΑΜΕΩΣ ΕΙΣ ΤΟ ΒΕΛΓΙΟΝ
ΘΕΣΣΑΛΟΝΙΚΗ, 13. (Τοῦ ἀνταποκριτοῦ μας). — Εἰς κοινὴν συνεδρίασιν τῶν ἐπαγγελματικῶν ὀργανώσεων διεμαρτυρήθησαν διὰ τὴν κακὴν ποιότητα τοῦ διατιθεμένου πετρελαίου θερμάνσεως. Ἐζητήθη ἔλεγχος ὑπὸ τῶν ἁρμοδίων ὑπηρεσιῶν.
ΕΚΟΨΑΝ ΤΑΣ ΧΕΙΡΟΠΕΔΑΣ ΕΠΙΜΕΝΟΝΤΕΣ ΚΑΙ ΜΟΝΟΙ ΤΩΝ ΕΙΣ ΑΜΕΡΙΚΗΝ
Ν. ΥΟΡΚΗ, 13. (Ρώυτερ). — Οἱ ἐπιστήμονες τοῦ Ἀμερικανικοῦ Ναυτικοῦ ἀνεκοίνωσαν ὅτι τέσσαρες ποντικοὶ θὰ εἶναι οἱ πρῶτοι ἐπιβάται τοῦ διαστήματος. Ἡ ἐκτόξευσις θὰ πραγματοποιηθῇ ἐντὸς τῶν προσεχῶν ἑβδομάδων. Αἱ μικροσκοπικαὶ θέσεις εἰς τὰς ὁποίας θὰ τοποθετηθοῦν ἔχουν ἐφοδιασθῆ μὲ ὄργανα.
ΣΥΣΚΕΨΙΣ ΔΙΑ ΤΟ ΘΕΜΑ ΤΗΣ ΑΝΕΡΓΙΑΣ ΤΗΣ ΜΑΤΤΑΡΗΝ
ΗΡΑΚΛΕΙΟΝ, 13. (Τοῦ ἀνταποκριτοῦ μας). — Ἡ προσφυγὴ τῶν ἐμπόρων εἰς τὰς τράπεζας ἔχει αὐξηθῆ σημαντικῶς. Κατὰ μῆνα διαμαρτύρονται περὶ τὰ χίλια γραμμάτια, γεγονὸς τὸ ὁποῖον ἀποδεικνύει τὴν οἰκονομικὴν δυσπραγίαν τῆς ἀγορᾶς.
ΕΠΑΝΕΞΕΤΑΖΕΤΑΙ ΤΟ ΘΕΜΑ ΤΗΣ ΕΚΜΕΤΑΛΛΕΥΣΕΩΣ ΤΩΝ ΓΡΑΜΜΩΝ ΤΗΣ Η.Ε.Μ.
ΘΕΣΣΑΛΟΝΙΚΗ, 13. — Γεωργικὰ προϊόντα ἀξίας πολλῶν ἑκατομμυρίων δολλαρίων θὰ ἀγοράσῃ ἡ Ἀμερικὴ ἐκ τῆς Τουρκίας. Ἐπανεξετάζεται τὸ θέμα τῆς ἐκμεταλλεύσεως τῶν γραμμῶν. ΒΡΥΞΕΛΛΑΙ, 13. — Συγκρούσεις ἐσημειώθησαν μεταξὺ ἀπεργῶν ἀνθρακωρύχων καὶ ἀστυνομικῆς δυνάμεως. Εἰς τὸν Πειραιᾶ ἀνευρέθη πτῶμα ἀνδρὸς μὲ ἐγκαύματα. Ἡ Ἀσφάλεια ἐνεργεῖ ἀνακρίσεις. Εἰς τὴν Ἀττικὴν θὰ ἐκτελεσθοῦν ἀντιπλημμυρικὰ ἔργα ἀξίας 600.000 δραχμῶν.
ΠΤΩΜΑ ΑΝΔΡΟΣ ΜΕ ΚΑΘΟΛΙΚΑ ΕΓΚΑΥΜΑΤΑ ΑΝΕΥΡΕΘΗ ΕΙΣ ΠΕΙΡΑΙΑ
Ὁ ὑπουργὸς τῆς Παιδείας κ. Γ. Βογιατζῆς ἀνεκοίνωσεν ὅτι ἀπὸ τοῦ Ἀπριλίου θὰ ὀργανωθοῦν μαθήματα διὰ τὴν ἀτομικὴν ἐνέργειαν πρὸς καθηγητὰς τῆς Μέσης Ἐκπαιδεύσεως. Τὰ μαθήματα θὰ διδάξουν καθηγηταὶ τοῦ Πανεπιστημίου καὶ ἐπιστήμονες τοῦ Κέντρου Πυρηνικῶν Ἐρευνῶν.
ΑΝΤΙΠΛΗΜΜΥΡΙΚΑ ΚΑΘΗΜΑΤΑ ΕΙΣ ΤΗΝ ΑΤΤΙΚΗΝ
ΘΕΣΣΑΛΟΝΙΚΗ, 13. (Τοῦ ἀνταποκριτοῦ μας). — Εἰς κοινὴν συνεδρίασιν τῶν ἐπαγγελματικῶν ὀργανώσεων διεμαρτυρήθησαν διὰ τὴν κακὴν ποιότητα τοῦ διατιθεμένου πετρελαίου θερμάνσεως. Ἐζητήθη ἔλεγχος ὑπὸ τῶν ἁρμοδίων ὑπηρεσιῶν.
